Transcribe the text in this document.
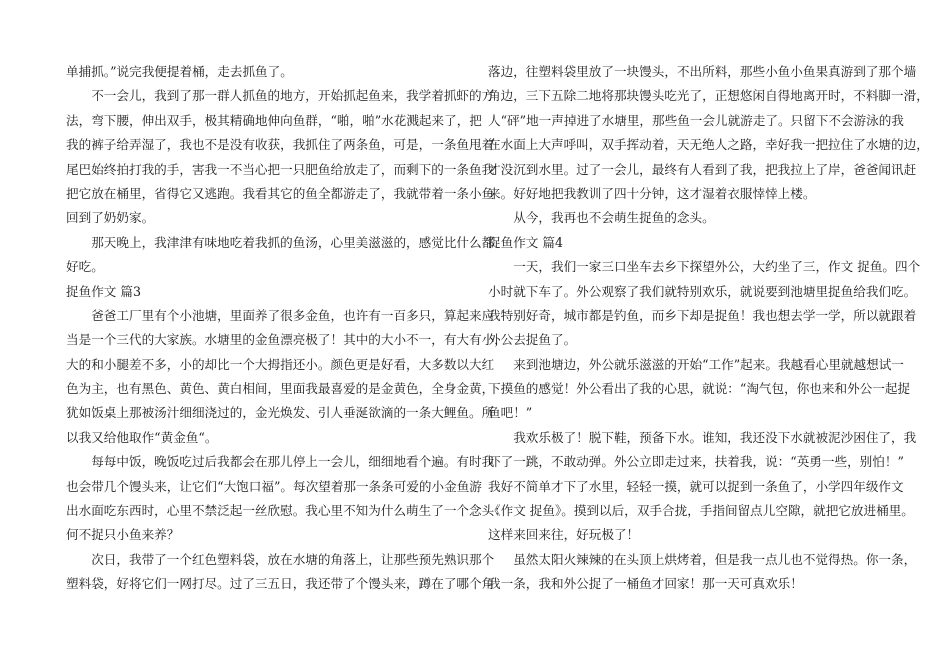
单捕抓。”说完我便提着桶，走去抓鱼了。
　　不一会儿，我到了那一群人抓鱼的地方，开始抓起鱼来，我学着抓虾的方
法，弯下腰，伸出双手，极其精确地伸向鱼群，“啪，啪”水花溅起来了，把
我的裤子给弄湿了，我也不是没有收获，我抓住了两条鱼，可是，一条鱼甩着
尾巴始终拍打我的手，害我一不当心把一只肥鱼给放走了，而剩下的一条鱼我
把它放在桶里，省得它又逃跑。我看其它的鱼全都游走了，我就带着一条小鱼
回到了奶奶家。
　　那天晚上，我津津有味地吃着我抓的鱼汤，心里美滋滋的，感觉比什么都
好吃。
捉鱼作文 篇3
　　爸爸工厂里有个小池塘，里面养了很多金鱼，也许有一百多只，算起来应
当是一个三代的大家族。水塘里的金鱼漂亮极了！其中的大小不一，有大有小，
大的和小腿差不多，小的却比一个大拇指还小。颜色更是好看，大多数以大红
色为主，也有黑色、黄色、黄白相间，里面我最喜爱的是金黄色，全身金黄，
犹如饭桌上那被汤汁细细浇过的，金光焕发、引人垂涎欲滴的一条大鲤鱼。所
以我又给他取作“黄金鱼“。
　　每每中饭，晚饭吃过后我都会在那儿停上一会儿，细细地看个遍。有时我
也会带几个馒头来，让它们“大饱口福”。每次望着那一条条可爱的小金鱼游
出水面吃东西时，心里不禁泛起一丝欣慰。我心里不知为什么萌生了一个念头：
何不捉只小鱼来养？
　　次日，我带了一个红色塑料袋，放在水塘的角落上，让那些预先熟识那个
塑料袋，好将它们一网打尽。过了三五日，我还带了个馒头来，蹲在了哪个角
落边，往塑料袋里放了一块馒头，不出所料，那些小鱼小鱼果真游到了那个墙
角边，三下五除二地将那块馒头吃光了，正想悠闲自得地离开时，不料脚一滑，
人“砰”地一声掉进了水塘里，那些鱼一会儿就游走了。只留下不会游泳的我
在水面上大声呼叫，双手挥动着，天无绝人之路，幸好我一把拉住了水塘的边，
才没沉到水里。过了一会儿，最终有人看到了我，把我拉上了岸，爸爸闻讯赶
来。好好地把我教训了四十分钟，这才湿着衣服悻悻上楼。
　　从今，我再也不会萌生捉鱼的念头。
捉鱼作文 篇4
　　一天，我们一家三口坐车去乡下探望外公，大约坐了三，作文 捉鱼。四个
小时就下车了。外公观察了我们就特别欢乐，就说要到池塘里捉鱼给我们吃。
我特别好奇，城市都是钓鱼，而乡下却是捉鱼！我也想去学一学，所以就跟着
外公去捉鱼了。
　　来到池塘边，外公就乐滋滋的开始“工作”起来。我越看心里就越想试一
下摸鱼的感觉！外公看出了我的心思，就说：“淘气包，你也来和外公一起捉
鱼吧！”
　　我欢乐极了！脱下鞋，预备下水。谁知，我还没下水就被泥沙困住了，我
吓了一跳，不敢动弹。外公立即走过来，扶着我，说：“英勇一些，别怕！”
我好不简单才下了水里，轻轻一摸，就可以捉到一条鱼了，小学四年级作文
《作文 捉鱼》。摸到以后，双手合拢，手指间留点儿空隙，就把它放进桶里。
这样来回来往，好玩极了！
　　虽然太阳火辣辣的在头顶上烘烤着，但是我一点儿也不觉得热。你一条，
我一条，我和外公捉了一桶鱼才回家！那一天可真欢乐！
